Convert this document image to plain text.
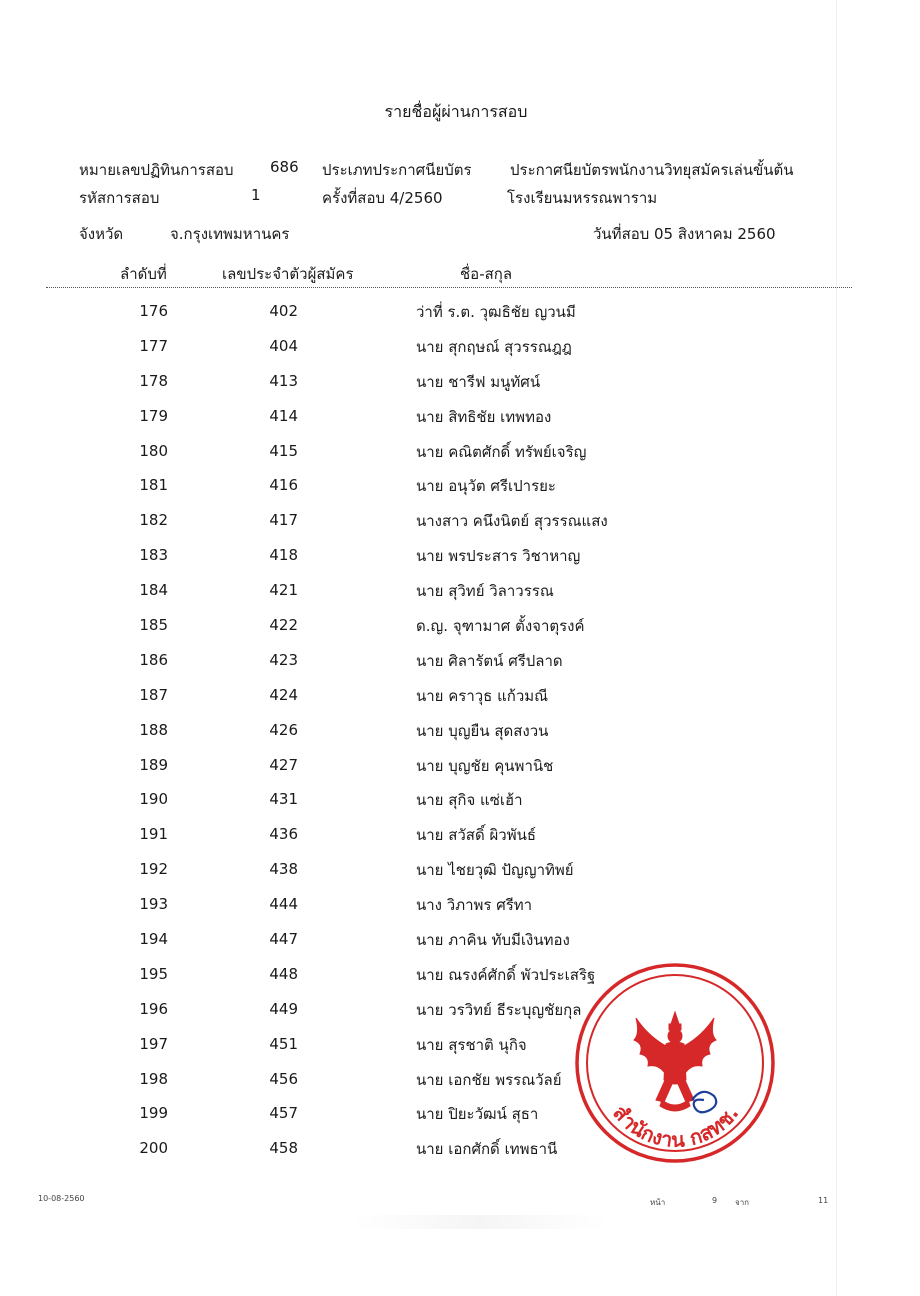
รายชื่อผู้ผ่านการสอบ
หมายเลขปฏิทินการสอบ 686 ประเภทประกาศนียบัตร	ประกาศนียบัตรพนักงานวิทยุสมัครเล่นขั้นต้น
รหัสการสอบ	1	ครั้งที่สอบ 4/2560	โรงเรียนมหรรณพาราม
จังหวัด	จ.กรุงเทพมหานคร	วันที่สอบ 05 สิงหาคม 2560
ลำดับที่	เลขประจำตัวผู้สมัคร	ชื่อ-สกุล
176	402	ว่าที่ ร.ต. วุฒธิชัย ญวนมี
177	404	นาย สุกฤษณ์ สุวรรณฎฎ
178	413	นาย ชารีฟ มนูทัศน์
179	414	นาย สิทธิชัย เทพทอง
180	415	นาย คณิตศักดิ์ ทรัพย์เจริญ
181	416	นาย อนุวัต ศรีเปารยะ
182	417	นางสาว คนึงนิตย์ สุวรรณแสง
183	418	นาย พรประสาร วิชาหาญ
184	421	นาย สุวิทย์ วิลาวรรณ
185	422	ด.ญ. จุฑามาศ ตั้งจาตุรงค์
186	423	นาย ศิลารัตน์ ศรีปลาด
187	424	นาย คราวุธ แก้วมณี
188	426	นาย บุญยืน สุดสงวน
189	427	นาย บุญชัย คุนพานิช
190	431	นาย สุกิจ แซ่เฮ้า
191	436	นาย สวัสดิ์ ผิวพันธ์
192	438	นาย ไชยวุฒิ ปัญญาทิพย์
193	444	นาง วิภาพร ศรีทา
194	447	นาย ภาคิน ทับมีเงินทอง
195	448	นาย ณรงค์ศักดิ์ พัวประเสริฐ
196	449	นาย วรวิทย์ ธีระบุญชัยกุล
197	451	นาย สุรชาติ นุกิจ
198	456	นาย เอกชัย พรรณวัลย์
199	457	นาย ปิยะวัฒน์ สุธา
200	458	นาย เอกศักดิ์ เทพธานี
สำนักงาน กสทช.
10-08-2560	หน้า	9 จาก	11
